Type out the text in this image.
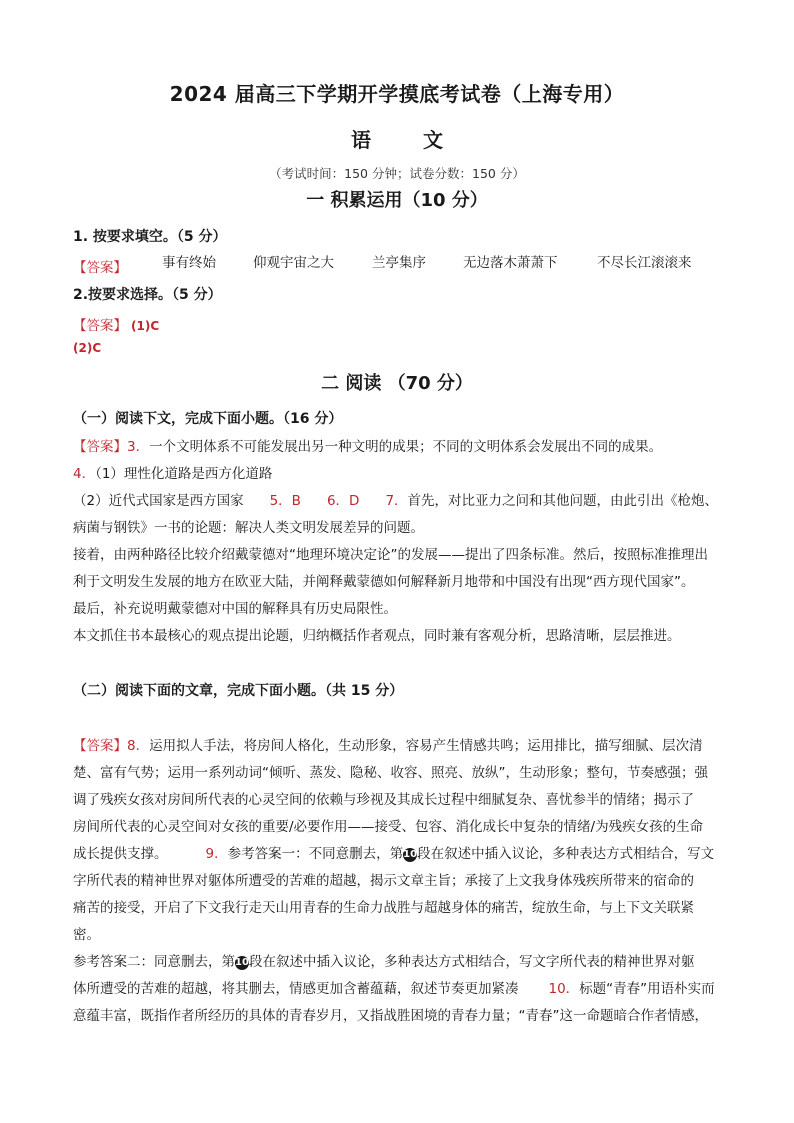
2024 届高三下学期开学摸底考试卷（上海专用）
语	文
（考试时间：150 分钟；试卷分数：150 分）
一 积累运用（10 分）
1. 按要求填空。（5 分）
【答案】	事有终始	仰观宇宙之大	兰亭集序	无边落木萧萧下	不尽长江滚滚来
2.按要求选择。（5 分）
【答案】 (1)C
(2)C
二 阅读 （70 分）
（一）阅读下文，完成下面小题。（16 分）
【答案】3．一个文明体系不可能发展出另一种文明的成果；不同的文明体系会发展出不同的成果。
4．（1）理性化道路是西方化道路
（2）近代式国家是西方国家 5．B 6．D 7．首先，对比亚力之问和其他问题，由此引出《枪炮、
病菌与钢铁》一书的论题：解决人类文明发展差异的问题。
接着，由两种路径比较介绍戴蒙德对“地理环境决定论”的发展——提出了四条标准。然后，按照标准推理出
利于文明发生发展的地方在欧亚大陆，并阐释戴蒙德如何解释新月地带和中国没有出现“西方现代国家”。
最后，补充说明戴蒙德对中国的解释具有历史局限性。
本文抓住书本最核心的观点提出论题，归纳概括作者观点，同时兼有客观分析，思路清晰，层层推进。
（二）阅读下面的文章，完成下面小题。（共 15 分）
【答案】8．运用拟人手法，将房间人格化，生动形象，容易产生情感共鸣；运用排比，描写细腻、层次清
楚、富有气势；运用一系列动词“倾听、蒸发、隐秘、收容、照亮、放纵”，生动形象；整句，节奏感强；强
调了残疾女孩对房间所代表的心灵空间的依赖与珍视及其成长过程中细腻复杂、喜忧参半的情绪；揭示了
房间所代表的心灵空间对女孩的重要/必要作用——接受、包容、消化成长中复杂的情绪/为残疾女孩的生命
成长提供支撑。	9．参考答案一：不同意删去，第10段在叙述中插入议论，多种表达方式相结合，写文
字所代表的精神世界对躯体所遭受的苦难的超越，揭示文章主旨；承接了上文我身体残疾所带来的宿命的
痛苦的接受，开启了下文我行走天山用青春的生命力战胜与超越身体的痛苦，绽放生命，与上下文关联紧
密。
参考答案二：同意删去，第10段在叙述中插入议论，多种表达方式相结合，写文字所代表的精神世界对躯
体所遭受的苦难的超越，将其删去，情感更加含蓄蕴藉，叙述节奏更加紧凑 10．标题“青春”用语朴实而
意蕴丰富，既指作者所经历的具体的青春岁月，又指战胜困境的青春力量；“青春”这一命题暗合作者情感，
